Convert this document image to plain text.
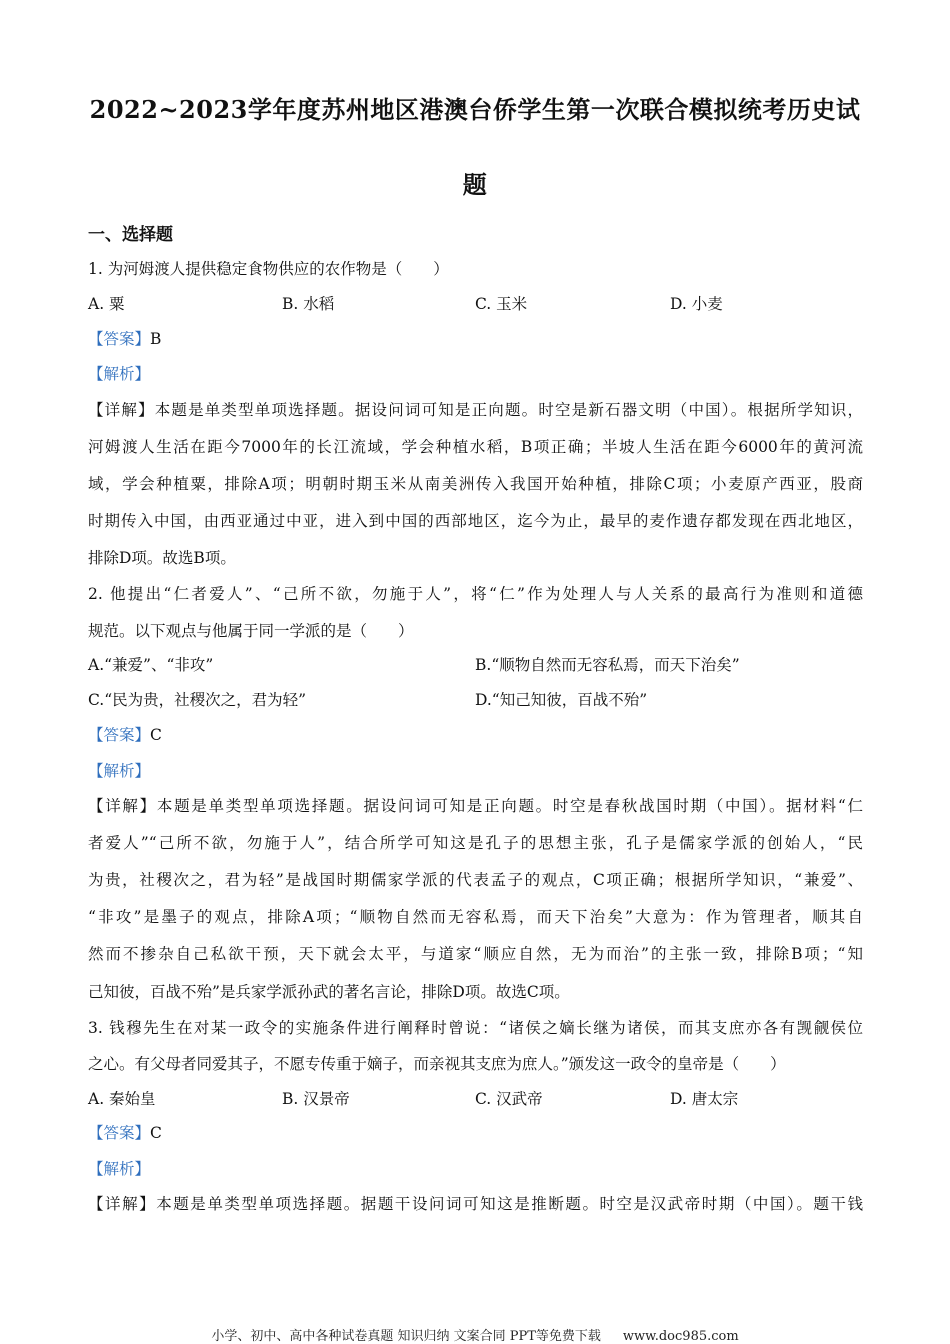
2022~2023学年度苏州地区港澳台侨学生第一次联合模拟统考历史试
题
一、选择题
1. 为河姆渡人提供稳定食物供应的农作物是（　　）
A. 粟	B. 水稻	C. 玉米	D. 小麦
【答案】B
【解析】
【详解】本题是单类型单项选择题。据设问词可知是正向题。时空是新石器文明（中国）。根据所学知识，
河姆渡人生活在距今7000年的长江流域，学会种植水稻，B项正确；半坡人生活在距今6000年的黄河流
域，学会种植粟，排除A项；明朝时期玉米从南美洲传入我国开始种植，排除C项；小麦原产西亚，股商
时期传入中国，由西亚通过中亚，进入到中国的西部地区，迄今为止，最早的麦作遗存都发现在西北地区，
排除D项。故选B项。
2. 他提出“仁者爱人”、“己所不欲，勿施于人”，将“仁”作为处理人与人关系的最高行为准则和道德
规范。以下观点与他属于同一学派的是（　　）
A.“兼爱”、“非攻”	B.“顺物自然而无容私焉，而天下治矣”
C.“民为贵，社稷次之，君为轻”	D.“知己知彼，百战不殆”
【答案】C
【解析】
【详解】本题是单类型单项选择题。据设问词可知是正向题。时空是春秋战国时期（中国）。据材料“仁
者爱人”“己所不欲，勿施于人”，结合所学可知这是孔子的思想主张，孔子是儒家学派的创始人，“民
为贵，社稷次之，君为轻”是战国时期儒家学派的代表孟子的观点，C项正确；根据所学知识，“兼爱”、
“非攻”是墨子的观点，排除A项；“顺物自然而无容私焉，而天下治矣”大意为：作为管理者，顺其自
然而不掺杂自己私欲干预，天下就会太平，与道家“顺应自然，无为而治”的主张一致，排除B项；“知
己知彼，百战不殆”是兵家学派孙武的著名言论，排除D项。故选C项。
3. 钱穆先生在对某一政令的实施条件进行阐释时曾说：“诸侯之嫡长继为诸侯，而其支庶亦各有觊觎侯位
之心。有父母者同爱其子，不愿专传重于嫡子，而亲视其支庶为庶人。”颁发这一政令的皇帝是（　　）
A. 秦始皇	B. 汉景帝	C. 汉武帝	D. 唐太宗
【答案】C
【解析】
【详解】本题是单类型单项选择题。据题干设问词可知这是推断题。时空是汉武帝时期（中国）。题干钱
小学、初中、高中各种试卷真题 知识归纳 文案合同 PPT等免费下载 www.doc985.com
